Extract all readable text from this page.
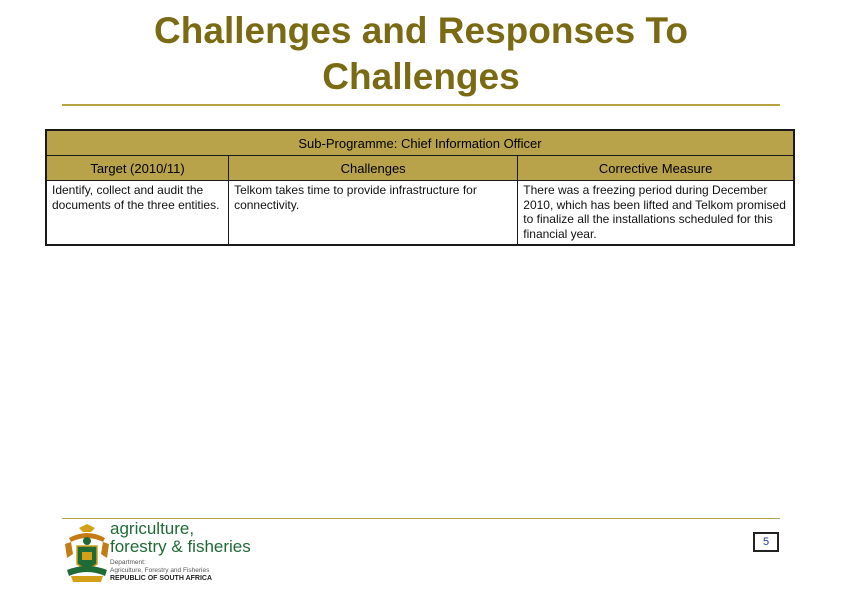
Challenges and Responses To
Challenges
Sub-Programme: Chief Information Officer		
Target (2010/11)	Challenges	Corrective Measure
Identify, collect and audit the documents of the three entities.	Telkom takes time to provide infrastructure for connectivity.	There was a freezing period during December 2010, which has been lifted and Telkom promised to finalize all the installations scheduled for this financial year.
agriculture,
forestry & fisheries
Department:
Agriculture, Forestry and Fisheries
REPUBLIC OF SOUTH AFRICA
5
